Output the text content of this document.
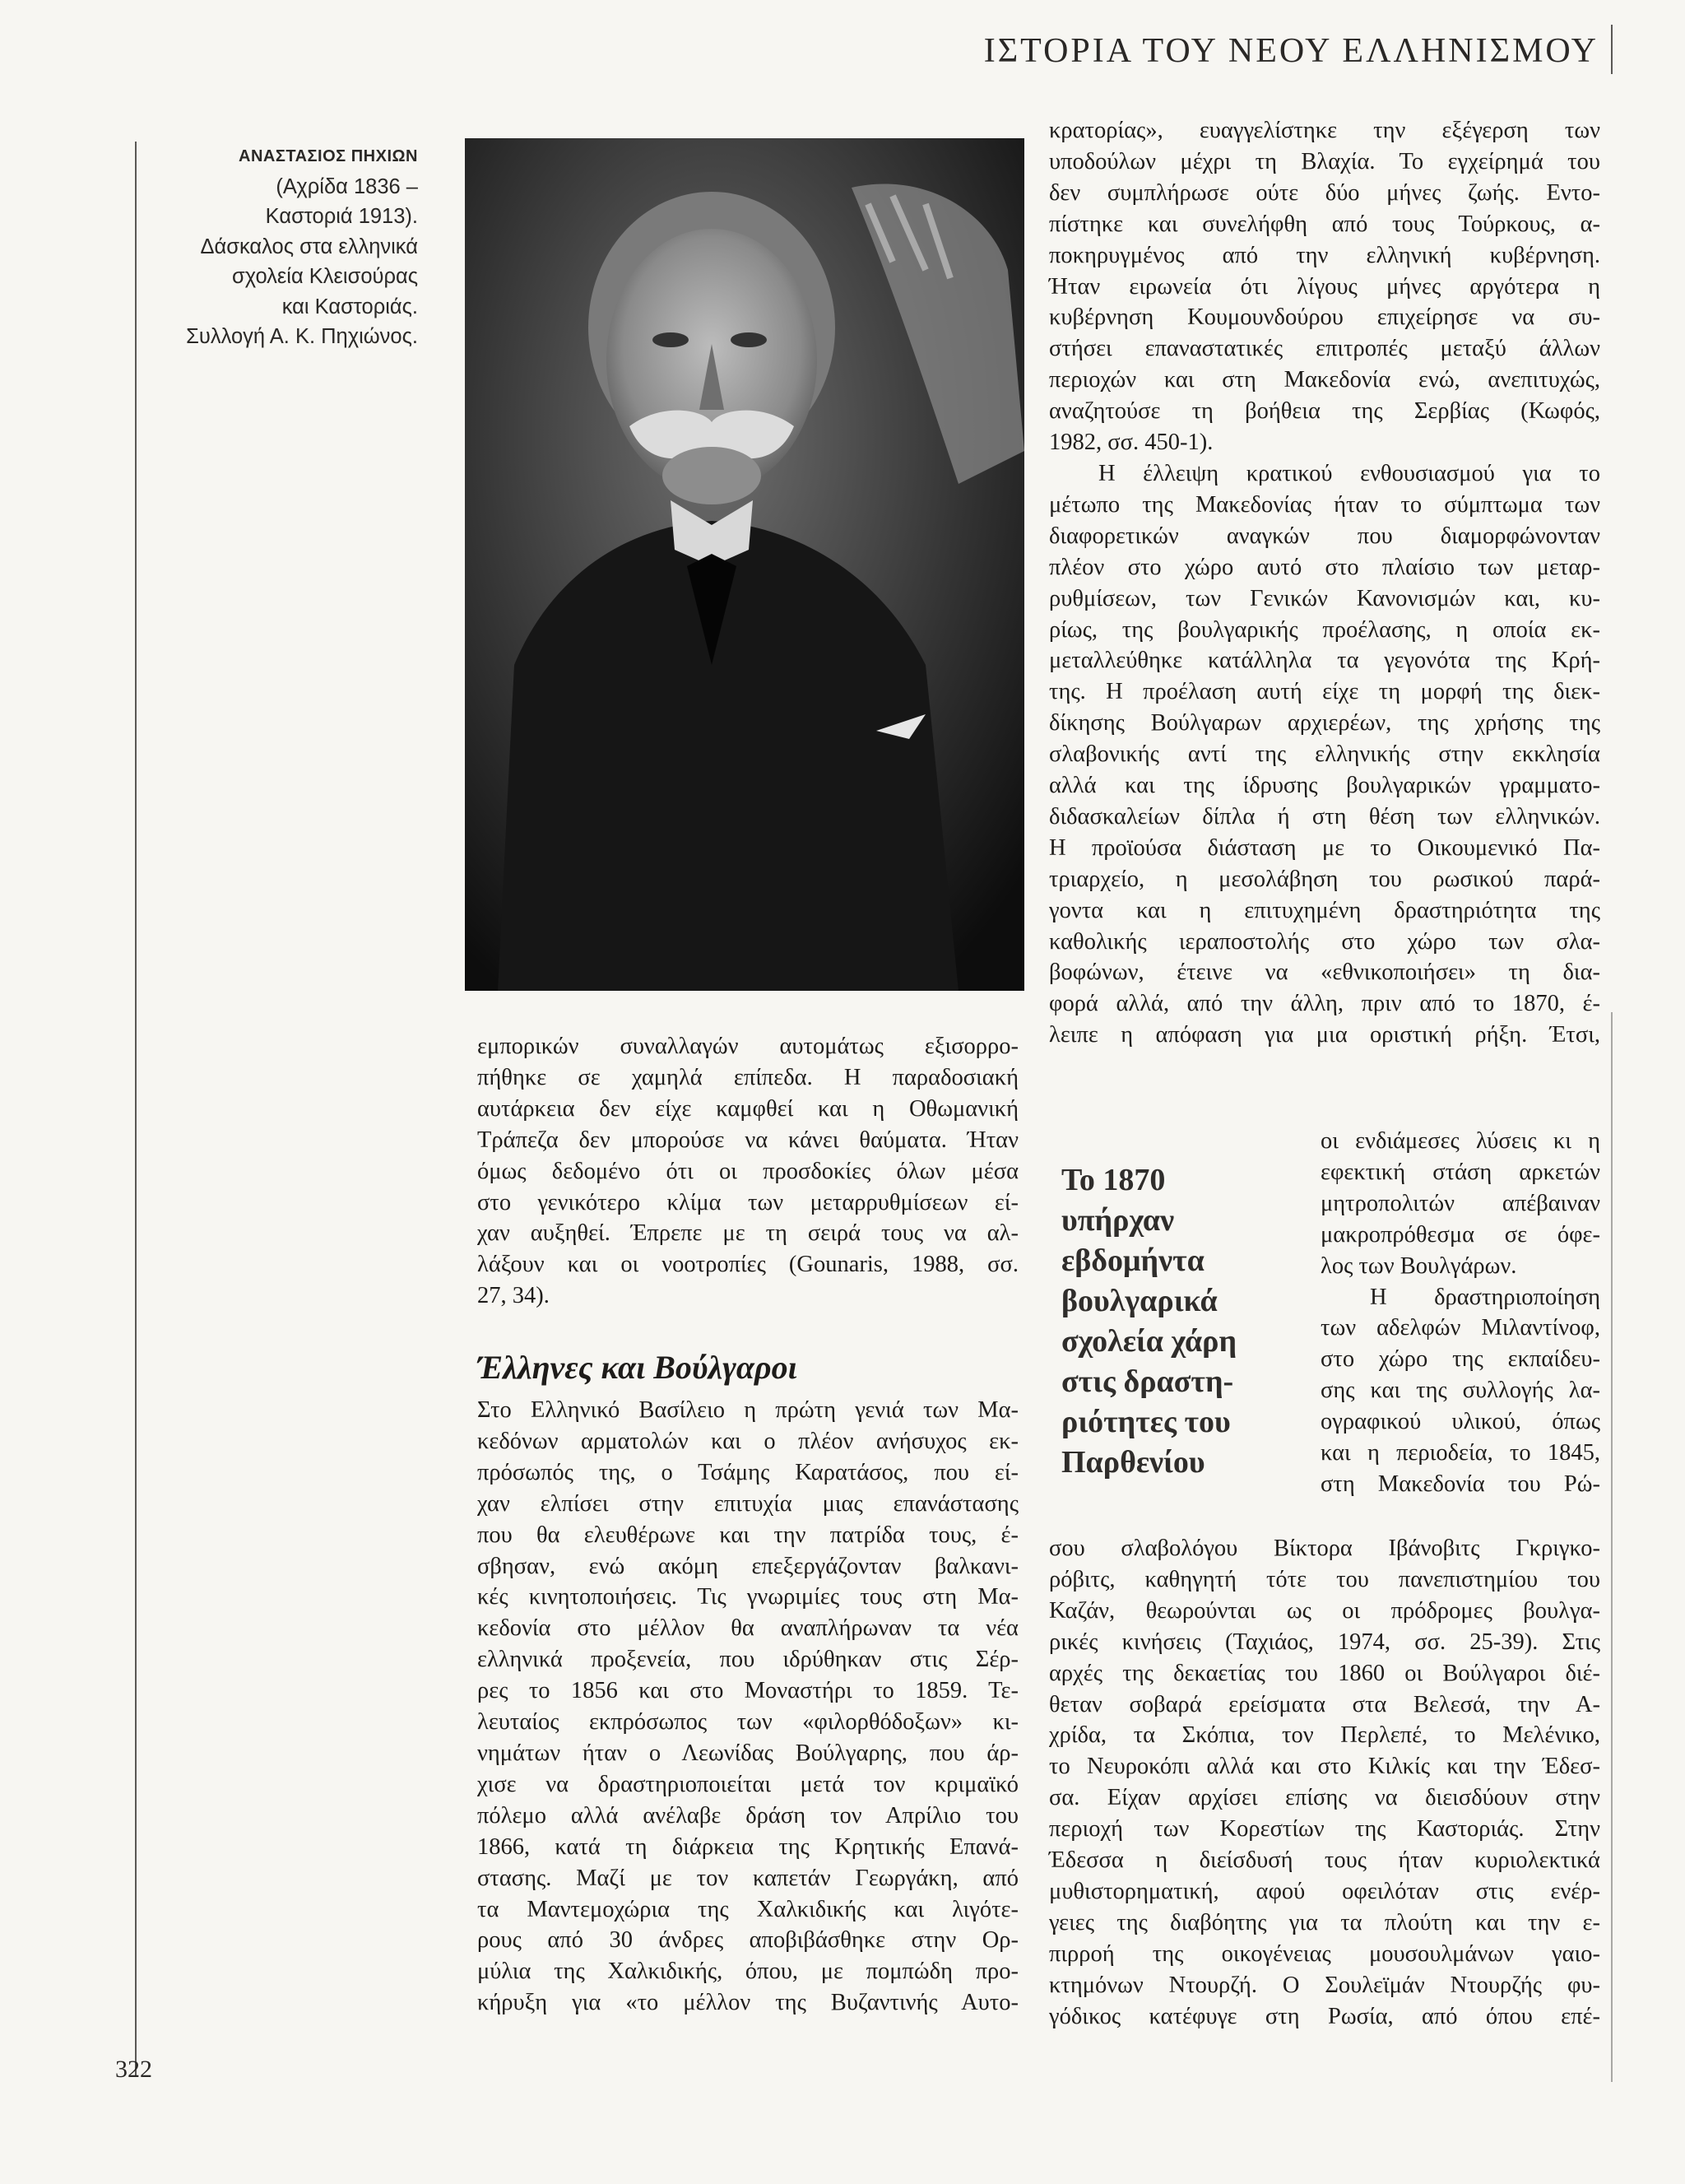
ΙΣΤΟΡΙΑ ΤΟΥ ΝΕΟΥ ΕΛΛΗΝΙΣΜΟΥ
ΑΝΑΣΤΑΣΙΟΣ ΠΗΧΙΩΝ
(Αχρίδα 1836 –
Καστοριά 1913).
Δάσκαλος στα ελληνικά
σχολεία Κλεισούρας
και Καστοριάς.
Συλλογή Α. Κ. Πηχιώνος.
εμπορικών συναλλαγών αυτομάτως εξισορρο-
πήθηκε σε χαμηλά επίπεδα. Η παραδοσιακή
αυτάρκεια δεν είχε καμφθεί και η Οθωμανική
Τράπεζα δεν μπορούσε να κάνει θαύματα. Ήταν
όμως δεδομένο ότι οι προσδοκίες όλων μέσα
στο γενικότερο κλίμα των μεταρρυθμίσεων εί-
χαν αυξηθεί. Έπρεπε με τη σειρά τους να αλ-
λάξουν και οι νοοτροπίες (Gounaris, 1988, σσ.
27, 34).
Έλληνες και Βούλγαροι
Στο Ελληνικό Βασίλειο η πρώτη γενιά των Μα-
κεδόνων αρματολών και ο πλέον ανήσυχος εκ-
πρόσωπός της, ο Τσάμης Καρατάσος, που εί-
χαν ελπίσει στην επιτυχία μιας επανάστασης
που θα ελευθέρωνε και την πατρίδα τους, έ-
σβησαν, ενώ ακόμη επεξεργάζονταν βαλκανι-
κές κινητοποιήσεις. Τις γνωριμίες τους στη Μα-
κεδονία στο μέλλον θα αναπλήρωναν τα νέα
ελληνικά προξενεία, που ιδρύθηκαν στις Σέρ-
ρες το 1856 και στο Μοναστήρι το 1859. Τε-
λευταίος εκπρόσωπος των «φιλορθόδοξων» κι-
νημάτων ήταν ο Λεωνίδας Βούλγαρης, που άρ-
χισε να δραστηριοποιείται μετά τον κριμαϊκό
πόλεμο αλλά ανέλαβε δράση τον Απρίλιο του
1866, κατά τη διάρκεια της Κρητικής Επανά-
στασης. Μαζί με τον καπετάν Γεωργάκη, από
τα Μαντεμοχώρια της Χαλκιδικής και λιγότε-
ρους από 30 άνδρες αποβιβάσθηκε στην Ορ-
μύλια της Χαλκιδικής, όπου, με πομπώδη προ-
κήρυξη για «το μέλλον της Βυζαντινής Αυτο-
κρατορίας», ευαγγελίστηκε την εξέγερση των
υποδούλων μέχρι τη Βλαχία. Το εγχείρημά του
δεν συμπλήρωσε ούτε δύο μήνες ζωής. Εντο-
πίστηκε και συνελήφθη από τους Τούρκους, α-
ποκηρυγμένος από την ελληνική κυβέρνηση.
Ήταν ειρωνεία ότι λίγους μήνες αργότερα η
κυβέρνηση Κουμουνδούρου επιχείρησε να συ-
στήσει επαναστατικές επιτροπές μεταξύ άλλων
περιοχών και στη Μακεδονία ενώ, ανεπιτυχώς,
αναζητούσε τη βοήθεια της Σερβίας (Κωφός,
1982, σσ. 450-1).
Η έλλειψη κρατικού ενθουσιασμού για το
μέτωπο της Μακεδονίας ήταν το σύμπτωμα των
διαφορετικών αναγκών που διαμορφώνονταν
πλέον στο χώρο αυτό στο πλαίσιο των μεταρ-
ρυθμίσεων, των Γενικών Κανονισμών και, κυ-
ρίως, της βουλγαρικής προέλασης, η οποία εκ-
μεταλλεύθηκε κατάλληλα τα γεγονότα της Κρή-
της. Η προέλαση αυτή είχε τη μορφή της διεκ-
δίκησης Βούλγαρων αρχιερέων, της χρήσης της
σλαβονικής αντί της ελληνικής στην εκκλησία
αλλά και της ίδρυσης βουλγαρικών γραμματο-
διδασκαλείων δίπλα ή στη θέση των ελληνικών.
Η προϊούσα διάσταση με το Οικουμενικό Πα-
τριαρχείο, η μεσολάβηση του ρωσικού παρά-
γοντα και η επιτυχημένη δραστηριότητα της
καθολικής ιεραποστολής στο χώρο των σλα-
βοφώνων, έτεινε να «εθνικοποιήσει» τη δια-
φορά αλλά, από την άλλη, πριν από το 1870, έ-
λειπε η απόφαση για μια οριστική ρήξη. Έτσι,
Το 1870
υπήρχαν
εβδομήντα
βουλγαρικά
σχολεία χάρη
στις δραστη-
ριότητες του
Παρθενίου
οι ενδιάμεσες λύσεις κι η
εφεκτική στάση αρκετών
μητροπολιτών απέβαιναν
μακροπρόθεσμα σε όφε-
λος των Βουλγάρων.
Η δραστηριοποίηση
των αδελφών Μιλαντίνοφ,
στο χώρο της εκπαίδευ-
σης και της συλλογής λα-
ογραφικού υλικού, όπως
και η περιοδεία, το 1845,
στη Μακεδονία του Ρώ-
σου σλαβολόγου Βίκτορα Ιβάνοβιτς Γκριγκο-
ρόβιτς, καθηγητή τότε του πανεπιστημίου του
Καζάν, θεωρούνται ως οι πρόδρομες βουλγα-
ρικές κινήσεις (Ταχιάος, 1974, σσ. 25-39). Στις
αρχές της δεκαετίας του 1860 οι Βούλγαροι διέ-
θεταν σοβαρά ερείσματα στα Βελεσά, την Α-
χρίδα, τα Σκόπια, τον Περλεπέ, το Μελένικο,
το Νευροκόπι αλλά και στο Κιλκίς και την Έδεσ-
σα. Είχαν αρχίσει επίσης να διεισδύουν στην
περιοχή των Κορεστίων της Καστοριάς. Στην
Έδεσσα η διείσδυσή τους ήταν κυριολεκτικά
μυθιστορηματική, αφού οφειλόταν στις ενέρ-
γειες της διαβόητης για τα πλούτη και την ε-
πιρροή της οικογένειας μουσουλμάνων γαιο-
κτημόνων Ντουρζή. Ο Σουλεϊμάν Ντουρζής φυ-
γόδικος κατέφυγε στη Ρωσία, από όπου επέ-
322
